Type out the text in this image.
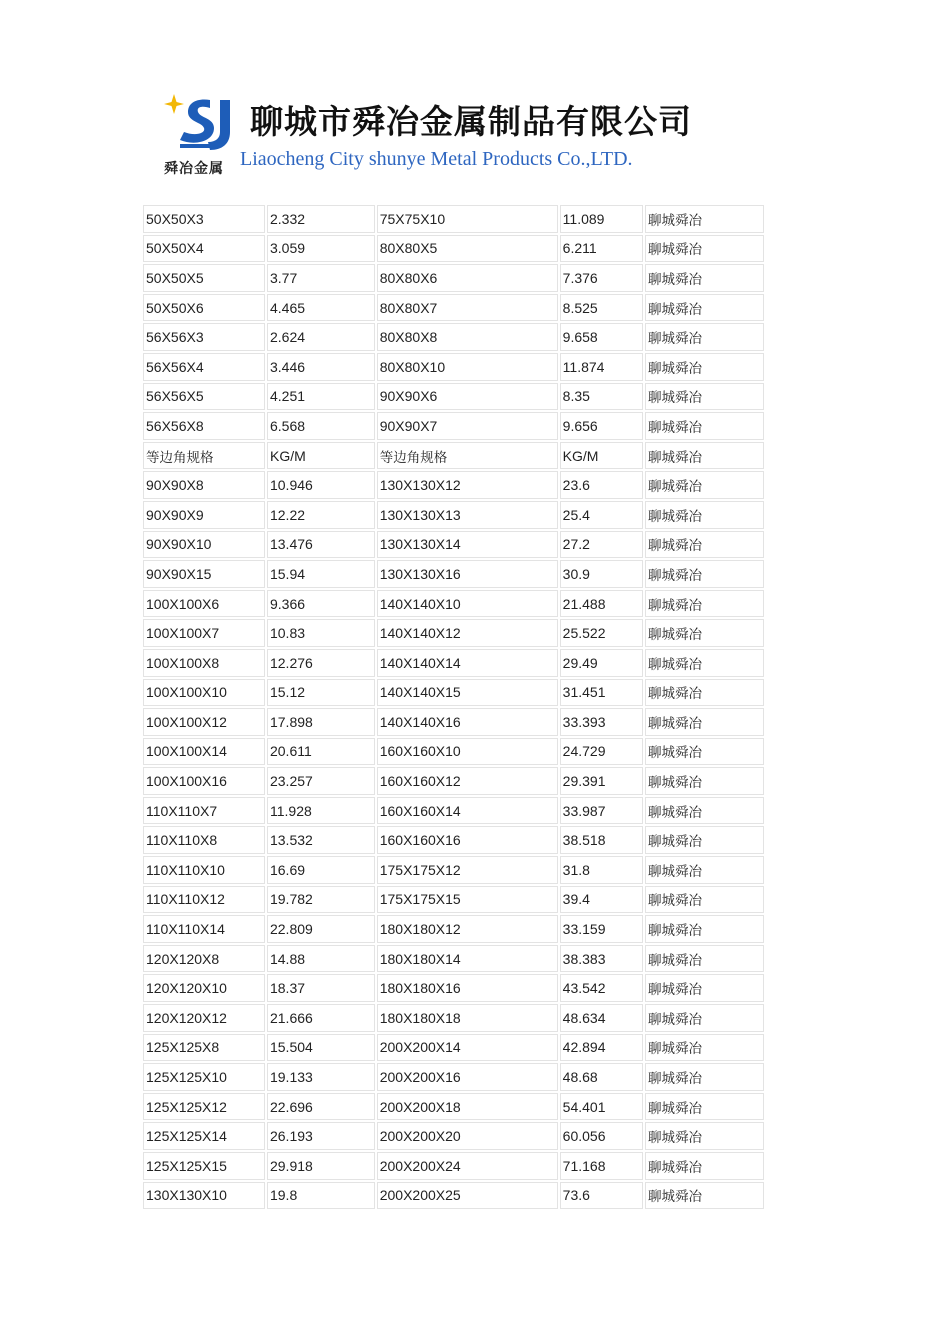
舜冶金属
聊城市舜冶金属制品有限公司
Liaocheng City shunye Metal Products Co.,LTD.
50X50X3	2.332	75X75X10	11.089	聊城舜冶
50X50X4	3.059	80X80X5	6.211	聊城舜冶
50X50X5	3.77	80X80X6	7.376	聊城舜冶
50X50X6	4.465	80X80X7	8.525	聊城舜冶
56X56X3	2.624	80X80X8	9.658	聊城舜冶
56X56X4	3.446	80X80X10	11.874	聊城舜冶
56X56X5	4.251	90X90X6	8.35	聊城舜冶
56X56X8	6.568	90X90X7	9.656	聊城舜冶
等边角规格	KG/M	等边角规格	KG/M	聊城舜冶
90X90X8	10.946	130X130X12	23.6	聊城舜冶
90X90X9	12.22	130X130X13	25.4	聊城舜冶
90X90X10	13.476	130X130X14	27.2	聊城舜冶
90X90X15	15.94	130X130X16	30.9	聊城舜冶
100X100X6	9.366	140X140X10	21.488	聊城舜冶
100X100X7	10.83	140X140X12	25.522	聊城舜冶
100X100X8	12.276	140X140X14	29.49	聊城舜冶
100X100X10	15.12	140X140X15	31.451	聊城舜冶
100X100X12	17.898	140X140X16	33.393	聊城舜冶
100X100X14	20.611	160X160X10	24.729	聊城舜冶
100X100X16	23.257	160X160X12	29.391	聊城舜冶
110X110X7	11.928	160X160X14	33.987	聊城舜冶
110X110X8	13.532	160X160X16	38.518	聊城舜冶
110X110X10	16.69	175X175X12	31.8	聊城舜冶
110X110X12	19.782	175X175X15	39.4	聊城舜冶
110X110X14	22.809	180X180X12	33.159	聊城舜冶
120X120X8	14.88	180X180X14	38.383	聊城舜冶
120X120X10	18.37	180X180X16	43.542	聊城舜冶
120X120X12	21.666	180X180X18	48.634	聊城舜冶
125X125X8	15.504	200X200X14	42.894	聊城舜冶
125X125X10	19.133	200X200X16	48.68	聊城舜冶
125X125X12	22.696	200X200X18	54.401	聊城舜冶
125X125X14	26.193	200X200X20	60.056	聊城舜冶
125X125X15	29.918	200X200X24	71.168	聊城舜冶
130X130X10	19.8	200X200X25	73.6	聊城舜冶
